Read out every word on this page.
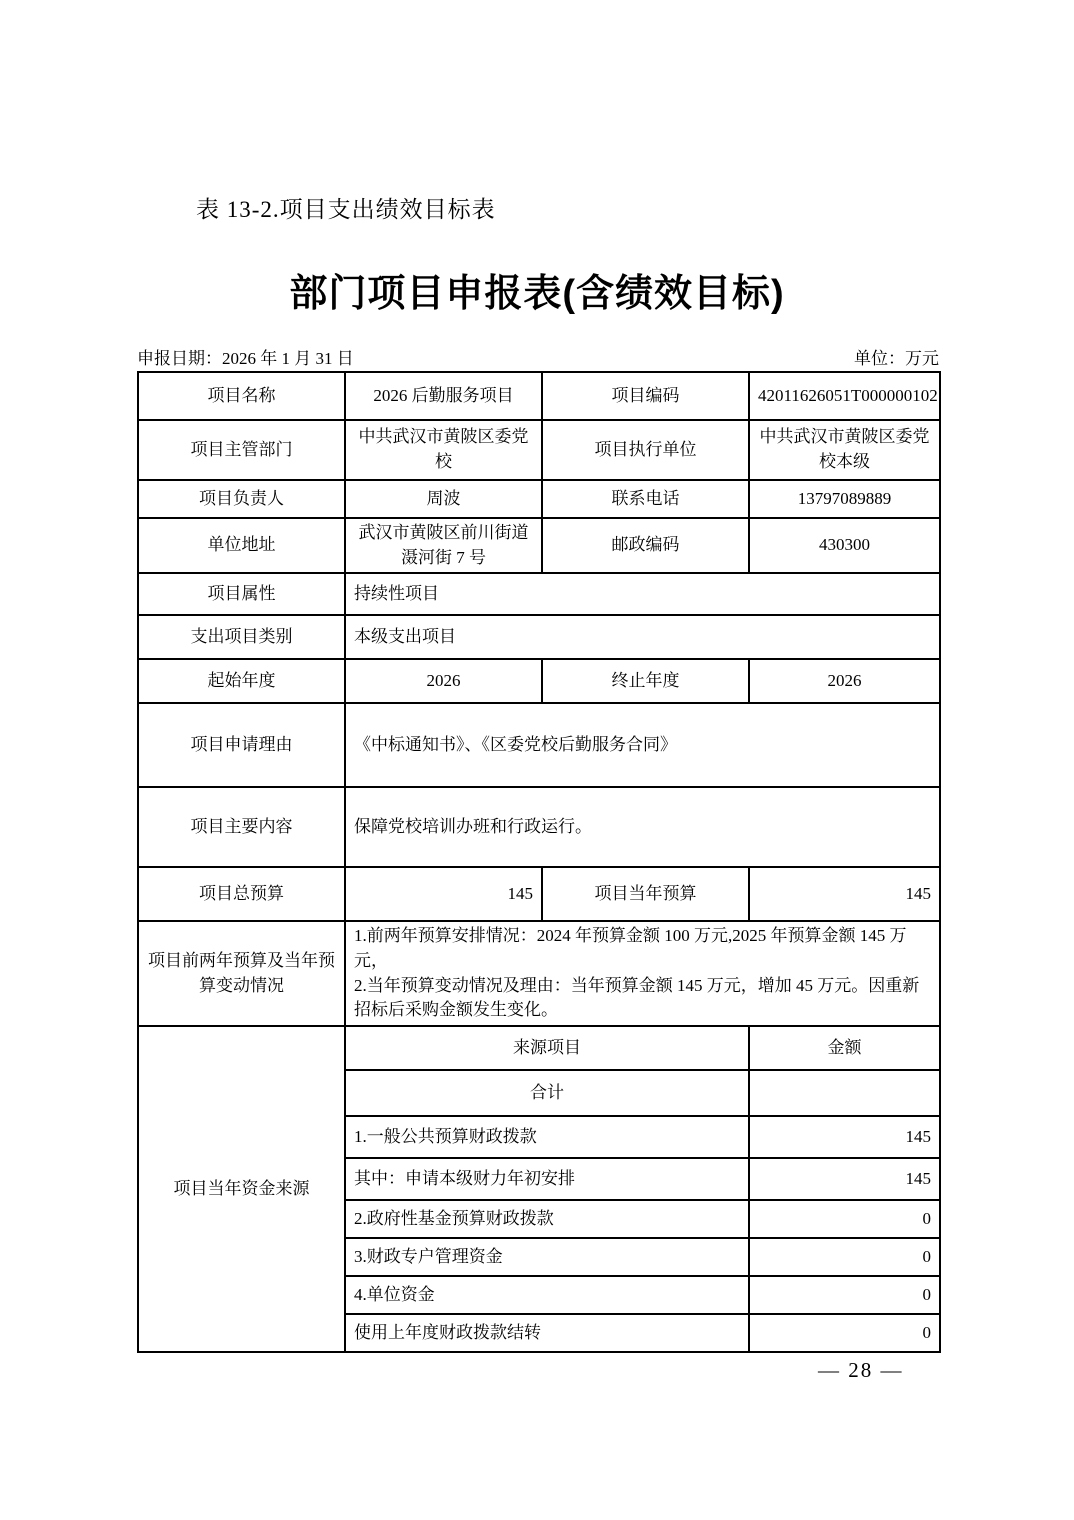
表 13-2.项目支出绩效目标表
部门项目申报表(含绩效目标)
申报日期：2026 年 1 月 31 日	单位：万元
项目名称	2026 后勤服务项目	项目编码	42011626051T000000102
项目主管部门	中共武汉市黄陂区委党校	项目执行单位	中共武汉市黄陂区委党校本级
项目负责人	周波	联系电话	13797089889
单位地址	武汉市黄陂区前川街道滠河街 7 号	邮政编码	430300
项目属性	持续性项目		
支出项目类别	本级支出项目		
起始年度	2026	终止年度	2026
项目申请理由	《中标通知书》、《区委党校后勤服务合同》		
项目主要内容	保障党校培训办班和行政运行。		
项目总预算	145	项目当年预算	145
项目前两年预算及当年预算变动情况	1.前两年预算安排情况：2024 年预算金额 100 万元,2025 年预算金额 145 万元，
2.当年预算变动情况及理由：当年预算金额 145 万元，增加 45 万元。因重新招标后采购金额发生变化。		

项目当年资金来源	来源项目		金额
	合计		
	1.一般公共预算财政拨款		145
	其中：申请本级财力年初安排		145
	2.政府性基金预算财政拨款		0
	3.财政专户管理资金		0
	4.单位资金		0
	使用上年度财政拨款结转		0
— 28 —
